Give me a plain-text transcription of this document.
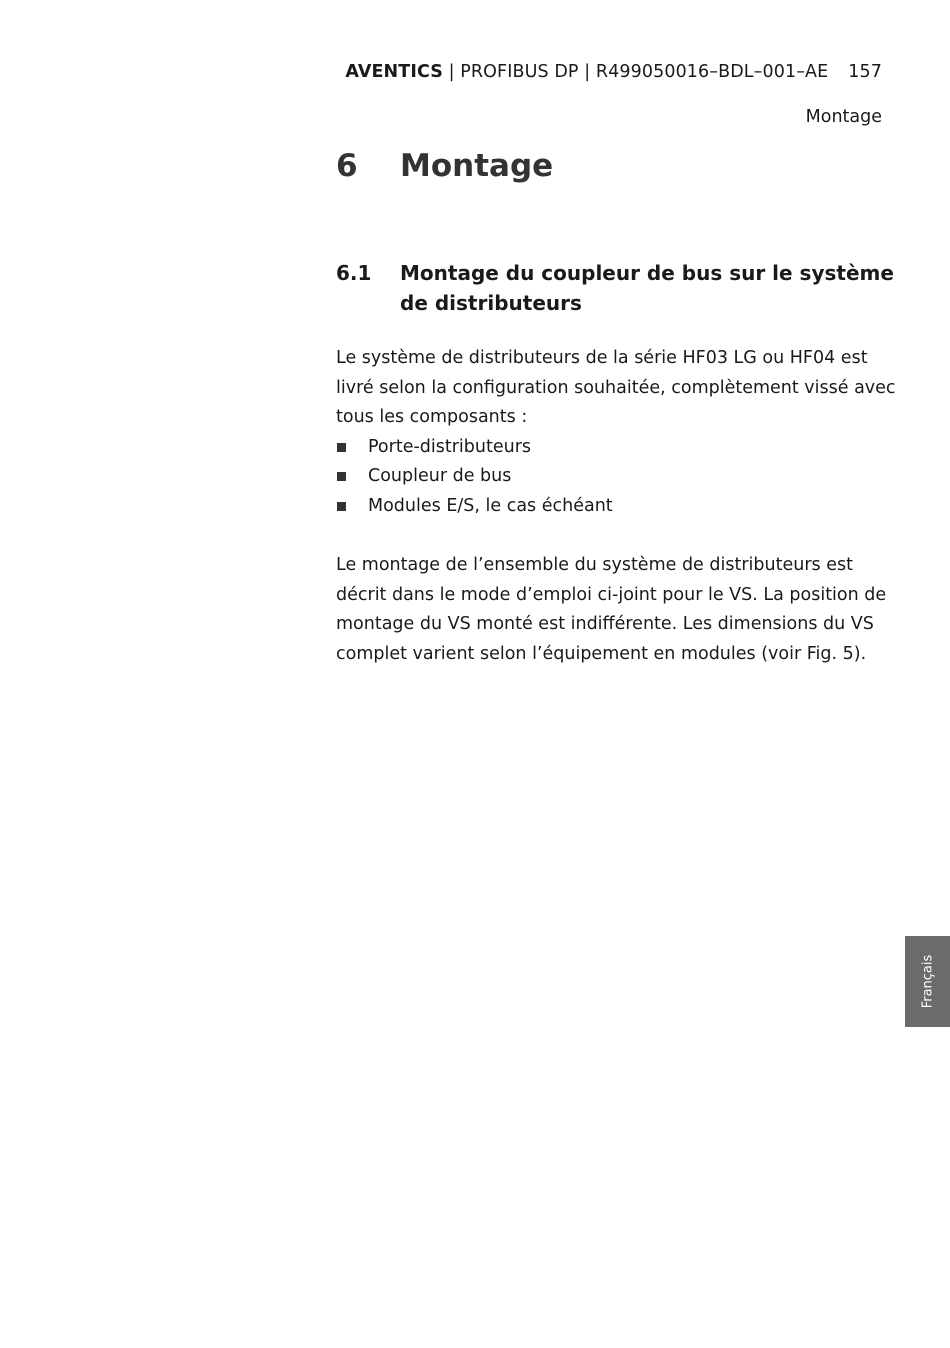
AVENTICS | PROFIBUS DP | R499050016–BDL–001–AE 157
Montage
6 Montage
6.1 Montage du coupleur de bus sur le système de distributeurs
Le système de distributeurs de la série HF03 LG ou HF04 est livré selon la configuration souhaitée, complètement vissé avec tous les composants :
Porte-distributeurs
Coupleur de bus
Modules E/S, le cas échéant
Le montage de l’ensemble du système de distributeurs est décrit dans le mode d’emploi ci-joint pour le VS. La position de montage du VS monté est indifférente. Les dimensions du VS complet varient selon l’équipement en modules (voir Fig. 5).
Français
